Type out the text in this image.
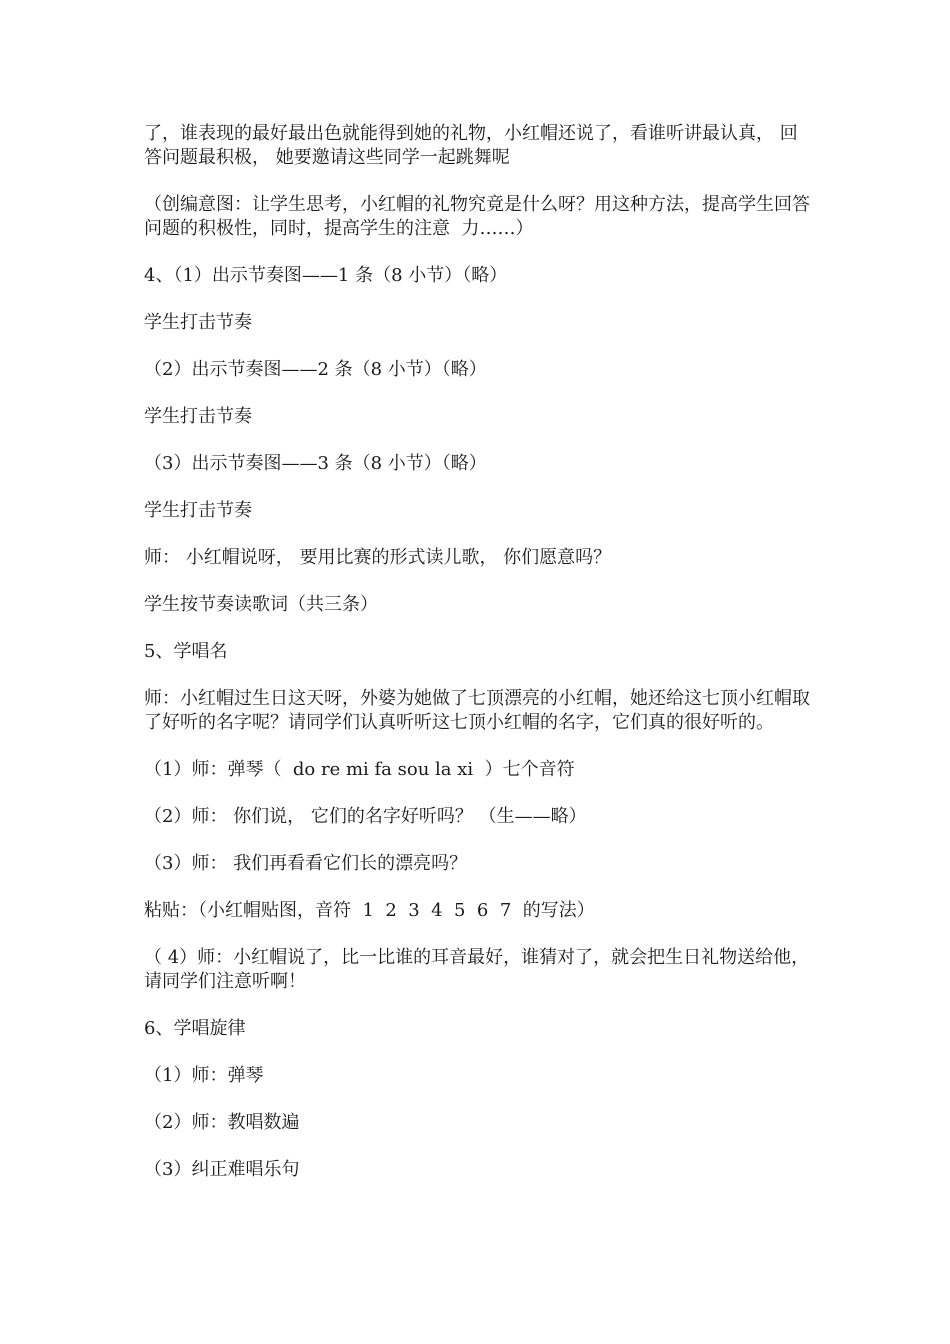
了，谁表现的最好最出色就能得到她的礼物，小红帽还说了，看谁听讲最认真， 回答问题最积极， 她要邀请这些同学一起跳舞呢

（创编意图：让学生思考，小红帽的礼物究竟是什么呀？用这种方法，提高学生回答问题的积极性，同时，提高学生的注意  力……）

4、（1）出示节奏图——1 条（8 小节）（略）

学生打击节奏

（2）出示节奏图——2 条（8 小节）（略）

学生打击节奏

（3）出示节奏图——3 条（8 小节）（略）

学生打击节奏

师： 小红帽说呀， 要用比赛的形式读儿歌， 你们愿意吗？

学生按节奏读歌词（共三条）

5、学唱名

师：小红帽过生日这天呀，外婆为她做了七顶漂亮的小红帽，她还给这七顶小红帽取了好听的名字呢？请同学们认真听听这七顶小红帽的名字，它们真的很好听的。

（1）师：弹琴（  do re mi fa sou la xi  ）七个音符

（2）师： 你们说， 它们的名字好听吗？ （生——略）

（3）师： 我们再看看它们长的漂亮吗？

粘贴：（小红帽贴图，音符  1  2  3  4  5  6  7  的写法）

（ 4）师：小红帽说了，比一比谁的耳音最好，谁猜对了，就会把生日礼物送给他，请同学们注意听啊！

6、学唱旋律

（1）师：弹琴

（2）师：教唱数遍

（3）纠正难唱乐句
